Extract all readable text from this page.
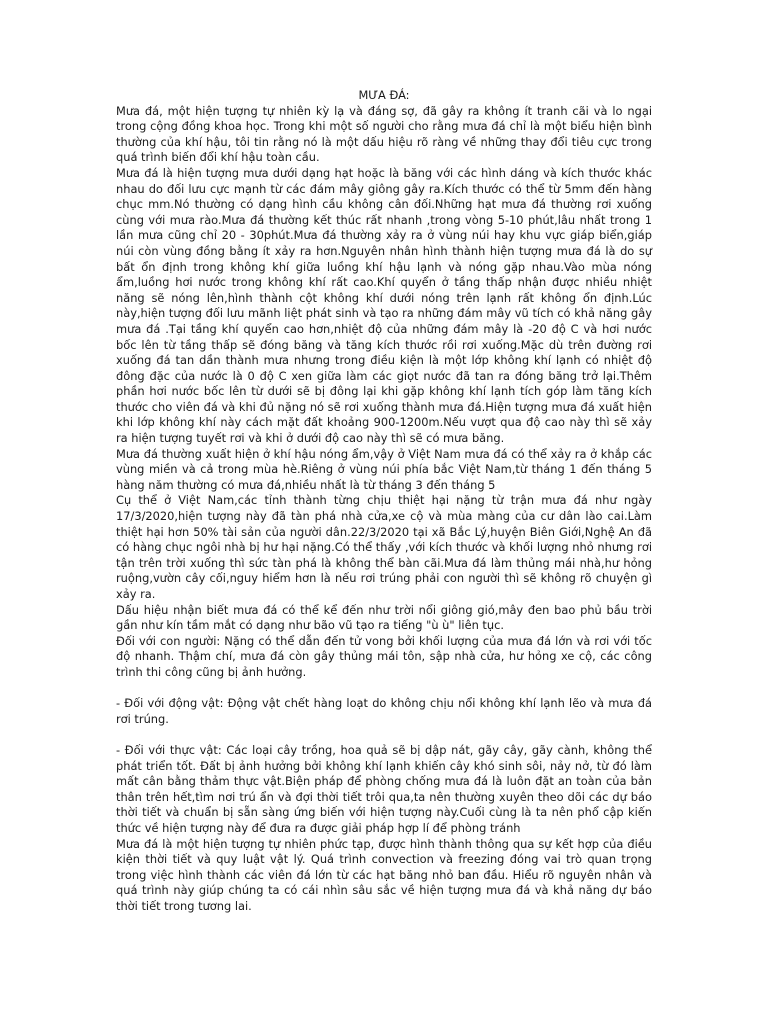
MƯA ĐÁ:

Mưa đá, một hiện tượng tự nhiên kỳ lạ và đáng sợ, đã gây ra không ít tranh cãi và lo ngại trong cộng đồng khoa học. Trong khi một số người cho rằng mưa đá chỉ là một biểu hiện bình thường của khí hậu, tôi tin rằng nó là một dấu hiệu rõ ràng về những thay đổi tiêu cực trong quá trình biến đổi khí hậu toàn cầu.

Mưa đá là hiện tượng mưa dưới dạng hạt hoặc là băng với các hình dáng và kích thước khác nhau do đối lưu cực mạnh từ các đám mây giông gây ra.Kích thước có thể từ 5mm đến hàng chục mm.Nó thường có dạng hình cầu không cân đối.Những hạt mưa đá thường rơi xuống cùng với mưa rào.Mưa đá thường kết thúc rất nhanh ,trong vòng 5-10 phút,lâu nhất trong 1 lần mưa cũng chỉ 20 - 30phút.Mưa đá thường xảy ra ở vùng núi hay khu vực giáp biển,giáp núi còn vùng đồng bằng ít xảy ra hơn.Nguyên nhân hình thành hiện tượng mưa đá là do sự bất ổn định trong không khí giữa luồng khí hậu lạnh và nóng gặp nhau.Vào mùa nóng ẩm,luồng hơi nước trong không khí rất cao.Khí quyển ở tầng thấp nhận được nhiều nhiệt năng sẽ nóng lên,hình thành cột không khí dưới nóng trên lạnh rất không ổn định.Lúc này,hiện tượng đối lưu mãnh liệt phát sinh và tạo ra những đám mây vũ tích có khả năng gây mưa đá .Tại tầng khí quyển cao hơn,nhiệt độ của những đám mây là -20 độ C và hơi nước bốc lên từ tầng thấp sẽ đóng băng và tăng kích thước rồi rơi xuống.Mặc dù trên đường rơi xuống đá tan dần thành mưa nhưng trong điều kiện là một lớp không khí lạnh có nhiệt độ đông đặc của nước là 0 độ C xen giữa làm các giọt nước đã tan ra đóng băng trở lại.Thêm phần hơi nước bốc lên từ dưới sẽ bị đông lại khi gặp không khí lạnh tích góp làm tăng kích thước cho viên đá và khi đủ nặng nó sẽ rơi xuống thành mưa đá.Hiện tượng mưa đá xuất hiện khi lớp không khí này cách mặt đất khoảng 900-1200m.Nếu vượt qua độ cao này thì sẽ xảy ra hiện tượng tuyết rơi và khi ở dưới độ cao này thì sẽ có mưa băng.

Mưa đá thường xuất hiện ở khí hậu nóng ẩm,vậy ở Việt Nam mưa đá có thể xảy ra ở khắp các vùng miền và cả trong mùa hè.Riêng ở vùng núi phía bắc Việt Nam,từ tháng 1 đến tháng 5 hàng năm thường có mưa đá,nhiều nhất là từ tháng 3 đến tháng 5

Cụ thể ở Việt Nam,các tỉnh thành từng chịu thiệt hại nặng từ trận mưa đá như ngày 17/3/2020,hiện tượng này đã tàn phá nhà cửa,xe cộ và mùa màng của cư dân lào cai.Làm thiệt hại hơn 50% tài sản của người dân.22/3/2020 tại xã Bắc Lý,huyện Biên Giới,Nghệ An đã có hàng chục ngôi nhà bị hư hại nặng.Có thể thấy ,với kích thước và khối lượng nhỏ nhưng rơi tận trên trời xuống thì sức tàn phá là không thể bàn cãi.Mưa đá làm thủng mái nhà,hư hỏng ruộng,vườn cây cối,nguy hiểm hơn là nếu rơi trúng phải con người thì sẽ không rõ chuyện gì xảy ra.

Dấu hiệu nhận biết mưa đá có thể kể đến như trời nổi giông gió,mây đen bao phủ bầu trời gần như kín tầm mắt có dạng như bão vũ tạo ra tiếng "ù ù" liên tục.

Đối với con người: Nặng có thể dẫn đến tử vong bởi khối lượng của mưa đá lớn và rơi với tốc độ nhanh. Thậm chí, mưa đá còn gây thủng mái tôn, sập nhà cửa, hư hỏng xe cộ, các công trình thi công cũng bị ảnh hưởng.

- Đối với động vật: Động vật chết hàng loạt do không chịu nổi không khí lạnh lẽo và mưa đá rơi trúng.

- Đối với thực vật: Các loại cây trồng, hoa quả sẽ bị dập nát, gãy cây, gãy cành, không thể phát triển tốt. Đất bị ảnh hưởng bởi không khí lạnh khiến cây khó sinh sôi, nảy nở, từ đó làm mất cân bằng thảm thực vật.Biện pháp để phòng chống mưa đá là luôn đặt an toàn của bản thân trên hết,tìm nơi trú ẩn và đợi thời tiết trôi qua,ta nên thường xuyên theo dõi các dự báo thời tiết và chuẩn bị sẵn sàng ứng biến với hiện tượng này.Cuối cùng là ta nên phổ cập kiến thức về hiện tượng này để đưa ra được giải pháp hợp lí để phòng tránh

Mưa đá là một hiện tượng tự nhiên phức tạp, được hình thành thông qua sự kết hợp của điều kiện thời tiết và quy luật vật lý. Quá trình convection và freezing đóng vai trò quan trọng trong việc hình thành các viên đá lớn từ các hạt băng nhỏ ban đầu. Hiểu rõ nguyên nhân và quá trình này giúp chúng ta có cái nhìn sâu sắc về hiện tượng mưa đá và khả năng dự báo thời tiết trong tương lai.
